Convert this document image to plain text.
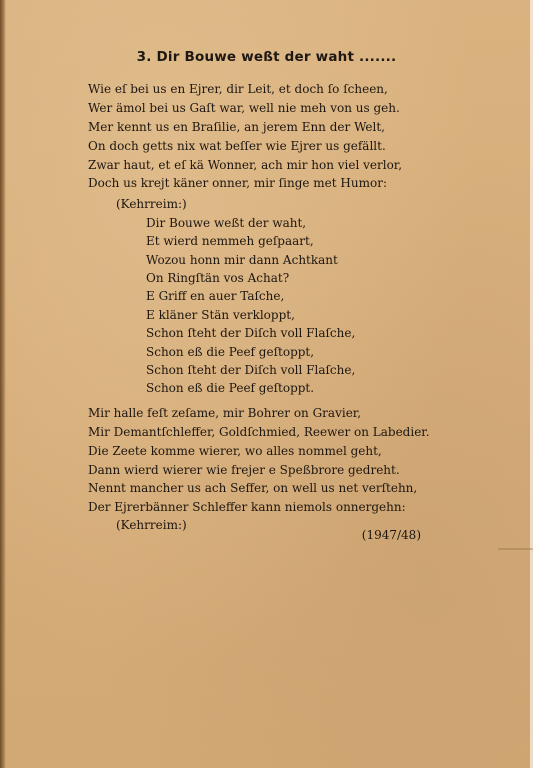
3. Dir Bouwe weßt der waht .......
Wie eſ bei us en Ejrer, dir Leit, et doch ſo ſcheen,
Wer ämol bei us Gaſt war, well nie meh von us geh.
Mer kennt us en Braſilie, an jerem Enn der Welt,
On doch getts nix wat beſſer wie Ejrer us gefällt.
Zwar haut, et eſ kä Wonner, ach mir hon viel verlor,
Doch us krejt käner onner, mir ſinge met Humor:
(Kehrreim:)
Dir Bouwe weßt der waht,
Et wierd nemmeh geſpaart,
Wozou honn mir dann Achtkant
On Ringſtän vos Achat?
E Griff en auer Taſche,
E kläner Stän verkloppt,
Schon ſteht der Diſch voll Flaſche,
Schon eß die Peef geſtoppt,
Schon ſteht der Diſch voll Flaſche,
Schon eß die Peef geſtoppt.
Mir halle feſt zeſame, mir Bohrer on Gravier,
Mir Demantſchleffer, Goldſchmied, Reewer on Labedier.
Die Zeete komme wierer, wo alles nommel geht,
Dann wierd wierer wie frejer e Speßbrore gedreht.
Nennt mancher us ach Seffer, on well us net verſtehn,
Der Ejrerbänner Schleffer kann niemols onnergehn:
(Kehrreim:)
(1947/48)
